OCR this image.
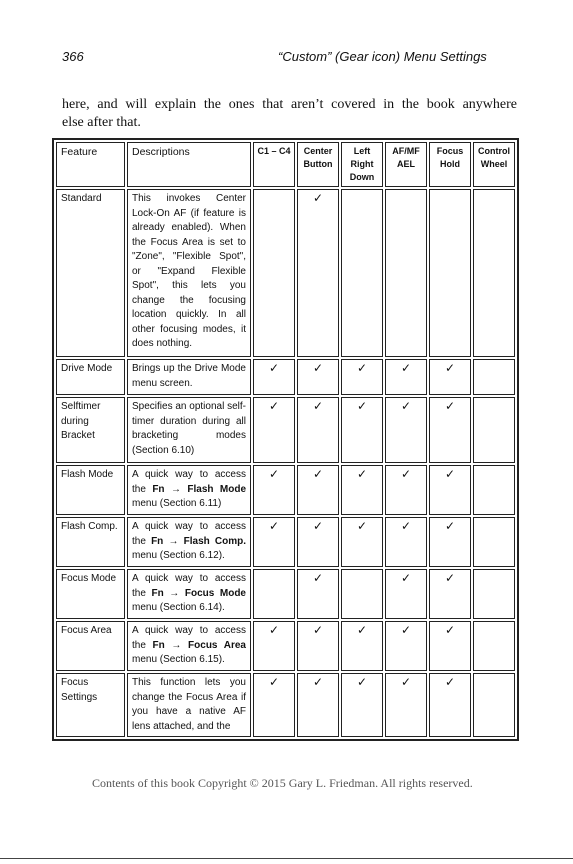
366	“Custom” (Gear icon) Menu Settings
here, and will explain the ones that aren’t covered in the book anywhere
else after that.
Feature	Descriptions	C1 – C4	Center Button	Left Right Down	AF/MF AEL	Focus Hold	Control Wheel
Standard	This invokes Center Lock-On AF (if feature is already enabled). When the Focus Area is set to "Zone", "Flexible Spot", or "Expand Flexible Spot", this lets you change the focusing location quickly. In all other focusing modes, it does nothing.		✓				
Drive Mode	Brings up the Drive Mode menu screen.	✓	✓	✓	✓	✓	
Selftimer during Bracket	Specifies an optional self-timer duration during all bracketing modes (Section 6.10)	✓	✓	✓	✓	✓	
Flash Mode	A quick way to access the Fn → Flash Mode menu (Section 6.11)	✓	✓	✓	✓	✓	
Flash Comp.	A quick way to access the Fn → Flash Comp. menu (Section 6.12).	✓	✓	✓	✓	✓	
Focus Mode	A quick way to access the Fn → Focus Mode menu (Section 6.14).		✓		✓	✓	
Focus Area	A quick way to access the Fn → Focus Area menu (Section 6.15).	✓	✓	✓	✓	✓	
Focus Settings	This function lets you change the Focus Area if you have a native AF lens attached, and the	✓	✓	✓	✓	✓	
Contents of this book Copyright © 2015 Gary L. Friedman. All rights reserved.
